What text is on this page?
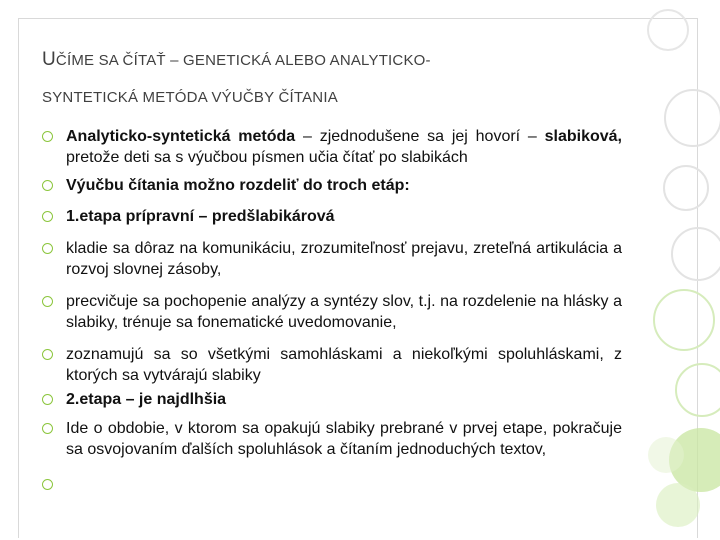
UČÍME SA ČÍTAŤ – GENETICKÁ ALEBO ANALYTICKO-
SYNTETICKÁ METÓDA VÝUČBY ČÍTANIA
Analyticko-syntetická metóda – zjednodušene sa jej hovorí – slabiková, pretože deti sa s výučbou písmen učia čítať po slabikách
Výučbu čítania možno rozdeliť do troch etáp:
1.etapa prípravní – predšlabikárová
kladie sa dôraz na komunikáciu, zrozumiteľnosť prejavu, zreteľná artikulácia a rozvoj slovnej zásoby,
precvičuje sa pochopenie analýzy a syntézy slov, t.j. na rozdelenie na hlásky a slabiky, trénuje sa fonematické uvedomovanie,
zoznamujú sa so všetkými samohláskami a niekoľkými spoluhláskami, z ktorých sa vytvárajú slabiky
2.etapa – je najdlhšia
Ide o obdobie, v ktorom sa opakujú slabiky prebrané v prvej etape, pokračuje sa osvojovaním ďalších spoluhlások a čítaním jednoduchých textov,
